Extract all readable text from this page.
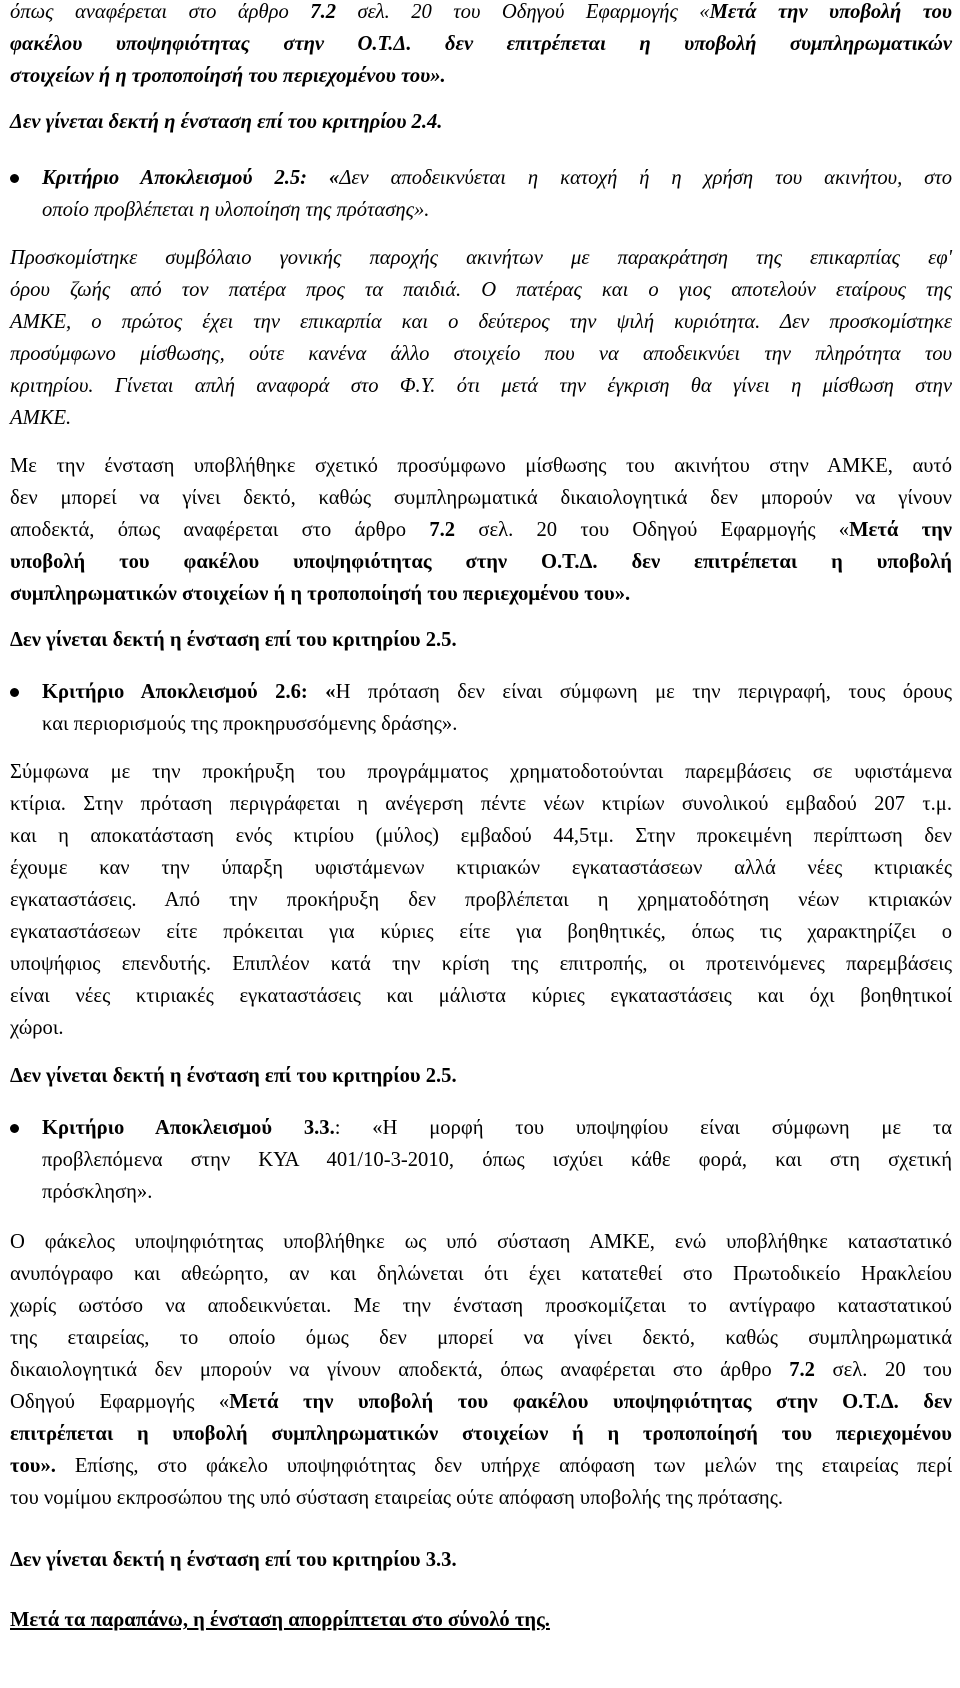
όπως αναφέρεται στο άρθρο 7.2 σελ. 20 του Οδηγού Εφαρμογής «Μετά την υποβολή του
φακέλου υποψηφιότητας στην Ο.Τ.Δ. δεν επιτρέπεται η υποβολή συμπληρωματικών
στοιχείων ή η τροποποίησή του περιεχομένου του».
Δεν γίνεται δεκτή η ένσταση επί του κριτηρίου 2.4.
Κριτήριο Αποκλεισμού 2.5: «Δεν αποδεικνύεται η κατοχή ή η χρήση του ακινήτου, στο
οποίο προβλέπεται η υλοποίηση της πρότασης».
Προσκομίστηκε συμβόλαιο γονικής παροχής ακινήτων με παρακράτηση της επικαρπίας εφ'
όρου ζωής από τον πατέρα προς τα παιδιά. Ο πατέρας και ο γιος αποτελούν εταίρους της
ΑΜΚΕ, ο πρώτος έχει την επικαρπία και ο δεύτερος την ψιλή κυριότητα. Δεν προσκομίστηκε
προσύμφωνο μίσθωσης, ούτε κανένα άλλο στοιχείο που να αποδεικνύει την πληρότητα του
κριτηρίου. Γίνεται απλή αναφορά στο Φ.Υ. ότι μετά την έγκριση θα γίνει η μίσθωση στην
ΑΜΚΕ.
Με την ένσταση υποβλήθηκε σχετικό προσύμφωνο μίσθωσης του ακινήτου στην ΑΜΚΕ, αυτό
δεν μπορεί να γίνει δεκτό, καθώς συμπληρωματικά δικαιολογητικά δεν μπορούν να γίνουν
αποδεκτά, όπως αναφέρεται στο άρθρο 7.2 σελ. 20 του Οδηγού Εφαρμογής «Μετά την
υποβολή του φακέλου υποψηφιότητας στην Ο.Τ.Δ. δεν επιτρέπεται η υποβολή
συμπληρωματικών στοιχείων ή η τροποποίησή του περιεχομένου του».
Δεν γίνεται δεκτή η ένσταση επί του κριτηρίου 2.5.
Κριτήριο Αποκλεισμού 2.6: «Η πρόταση δεν είναι σύμφωνη με την περιγραφή, τους όρους
και περιορισμούς της προκηρυσσόμενης δράσης».
Σύμφωνα με την προκήρυξη του προγράμματος χρηματοδοτούνται παρεμβάσεις σε υφιστάμενα
κτίρια. Στην πρόταση περιγράφεται η ανέγερση πέντε νέων κτιρίων συνολικού εμβαδού 207 τ.μ.
και η αποκατάσταση ενός κτιρίου (μύλος) εμβαδού 44,5τμ. Στην προκειμένη περίπτωση δεν
έχουμε καν την ύπαρξη υφιστάμενων κτιριακών εγκαταστάσεων αλλά νέες κτιριακές
εγκαταστάσεις. Από την προκήρυξη δεν προβλέπεται η χρηματοδότηση νέων κτιριακών
εγκαταστάσεων είτε πρόκειται για κύριες είτε για βοηθητικές, όπως τις χαρακτηρίζει ο
υποψήφιος επενδυτής. Επιπλέον κατά την κρίση της επιτροπής, οι προτεινόμενες παρεμβάσεις
είναι νέες κτιριακές εγκαταστάσεις και μάλιστα κύριες εγκαταστάσεις και όχι βοηθητικοί
χώροι.
Δεν γίνεται δεκτή η ένσταση επί του κριτηρίου 2.5.
Κριτήριο Αποκλεισμού 3.3.: «Η μορφή του υποψηφίου είναι σύμφωνη με τα
προβλεπόμενα στην ΚΥΑ 401/10-3-2010, όπως ισχύει κάθε φορά, και στη σχετική
πρόσκληση».
Ο φάκελος υποψηφιότητας υποβλήθηκε ως υπό σύσταση ΑΜΚΕ, ενώ υποβλήθηκε καταστατικό
ανυπόγραφο και αθεώρητο, αν και δηλώνεται ότι έχει κατατεθεί στο Πρωτοδικείο Ηρακλείου
χωρίς ωστόσο να αποδεικνύεται. Με την ένσταση προσκομίζεται το αντίγραφο καταστατικού
της εταιρείας, το οποίο όμως δεν μπορεί να γίνει δεκτό, καθώς συμπληρωματικά
δικαιολογητικά δεν μπορούν να γίνουν αποδεκτά, όπως αναφέρεται στο άρθρο 7.2 σελ. 20 του
Οδηγού Εφαρμογής «Μετά την υποβολή του φακέλου υποψηφιότητας στην Ο.Τ.Δ. δεν
επιτρέπεται η υποβολή συμπληρωματικών στοιχείων ή η τροποποίησή του περιεχομένου
του». Επίσης, στο φάκελο υποψηφιότητας δεν υπήρχε απόφαση των μελών της εταιρείας περί
του νομίμου εκπροσώπου της υπό σύσταση εταιρείας ούτε απόφαση υποβολής της πρότασης.
Δεν γίνεται δεκτή η ένσταση επί του κριτηρίου 3.3.
Μετά τα παραπάνω, η ένσταση απορρίπτεται στο σύνολό της.
